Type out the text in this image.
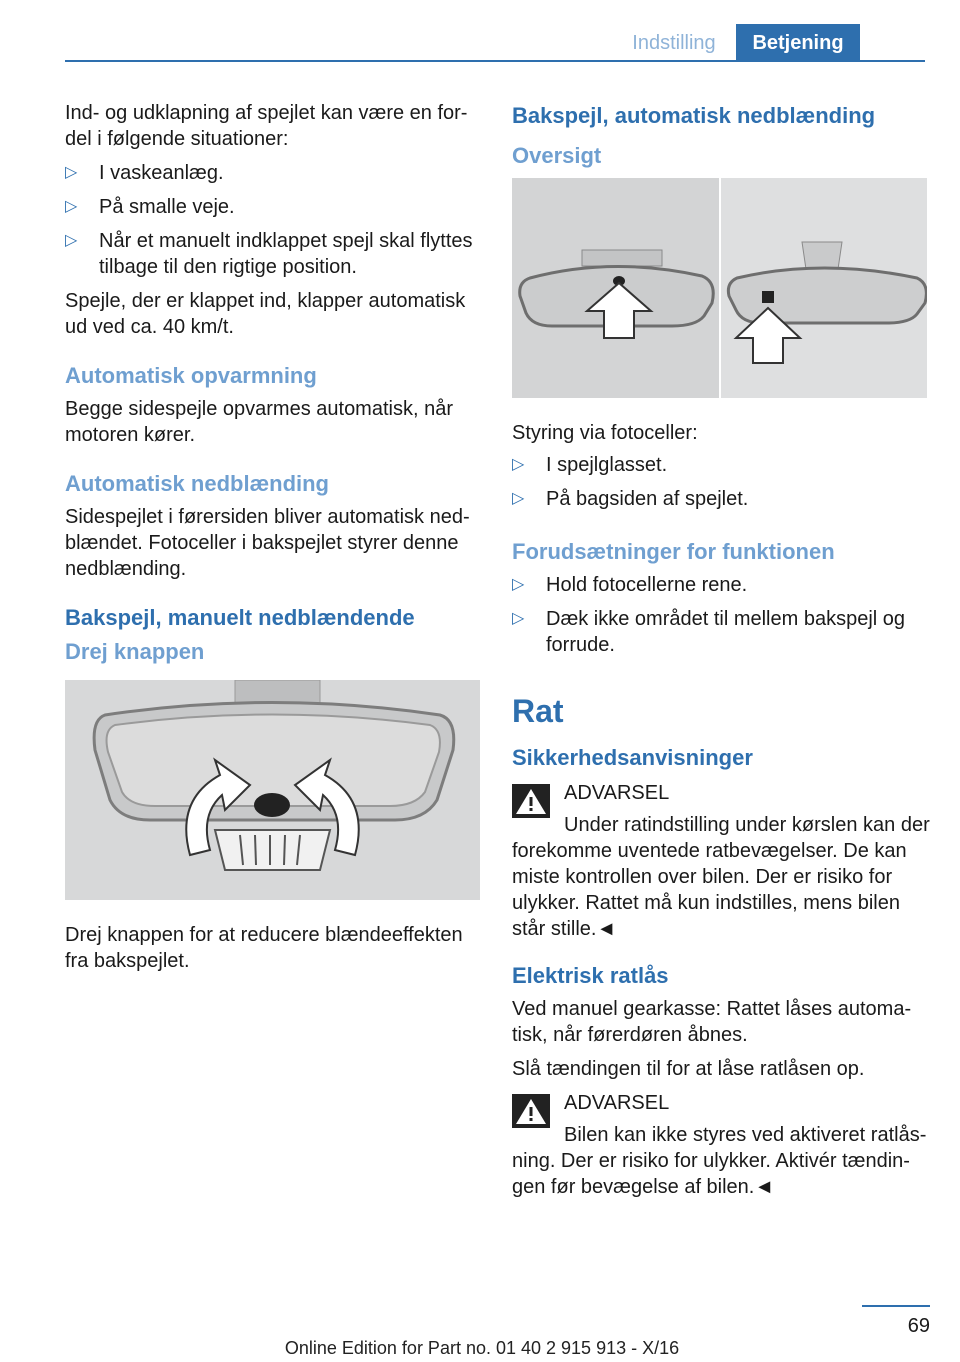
Indstilling	Betjening

Ind- og udklapning af spejlet kan være en for-del i følgende situationer:

▷ I vaskeanlæg.
▷ På smalle veje.
▷ Når et manuelt indklappet spejl skal flyttes tilbage til den rigtige position.

Spejle, der er klappet ind, klapper automatisk ud ved ca. 40 km/t.

Automatisk opvarmning

Begge sidespejle opvarmes automatisk, når motoren kører.

Automatisk nedblænding

Sidespejlet i førersiden bliver automatisk ned-blændet. Fotoceller i bakspejlet styrer denne nedblænding.

Bakspejl, manuelt nedblændende
Drej knappen

Drej knappen for at reducere blændeeffekten fra bakspejlet.

Bakspejl, automatisk nedblænding
Oversigt

Styring via fotoceller:

▷ I spejlglasset.
▷ På bagsiden af spejlet.
Forudsætninger for funktionen
▷ Hold fotocellerne rene.
▷ Dæk ikke området til mellem bakspejl og forrude.
Rat
Sikkerhedsanvisninger

ADVARSEL

Under ratindstilling under kørslen kan der

forekomme uventede ratbevægelser. De kan miste kontrollen over bilen. Der er risiko for ulykker. Rattet må kun indstilles, mens bilen står stille.◄

Elektrisk ratlås

Ved manuel gearkasse: Rattet låses automa-tisk, når førerdøren åbnes.

Slå tændingen til for at låse ratlåsen op.

ADVARSEL

Bilen kan ikke styres ved aktiveret ratlås-

ning. Der er risiko for ulykker. Aktivér tændin-gen før bevægelse af bilen.◄

69
Online Edition for Part no. 01 40 2 915 913 - X/16
